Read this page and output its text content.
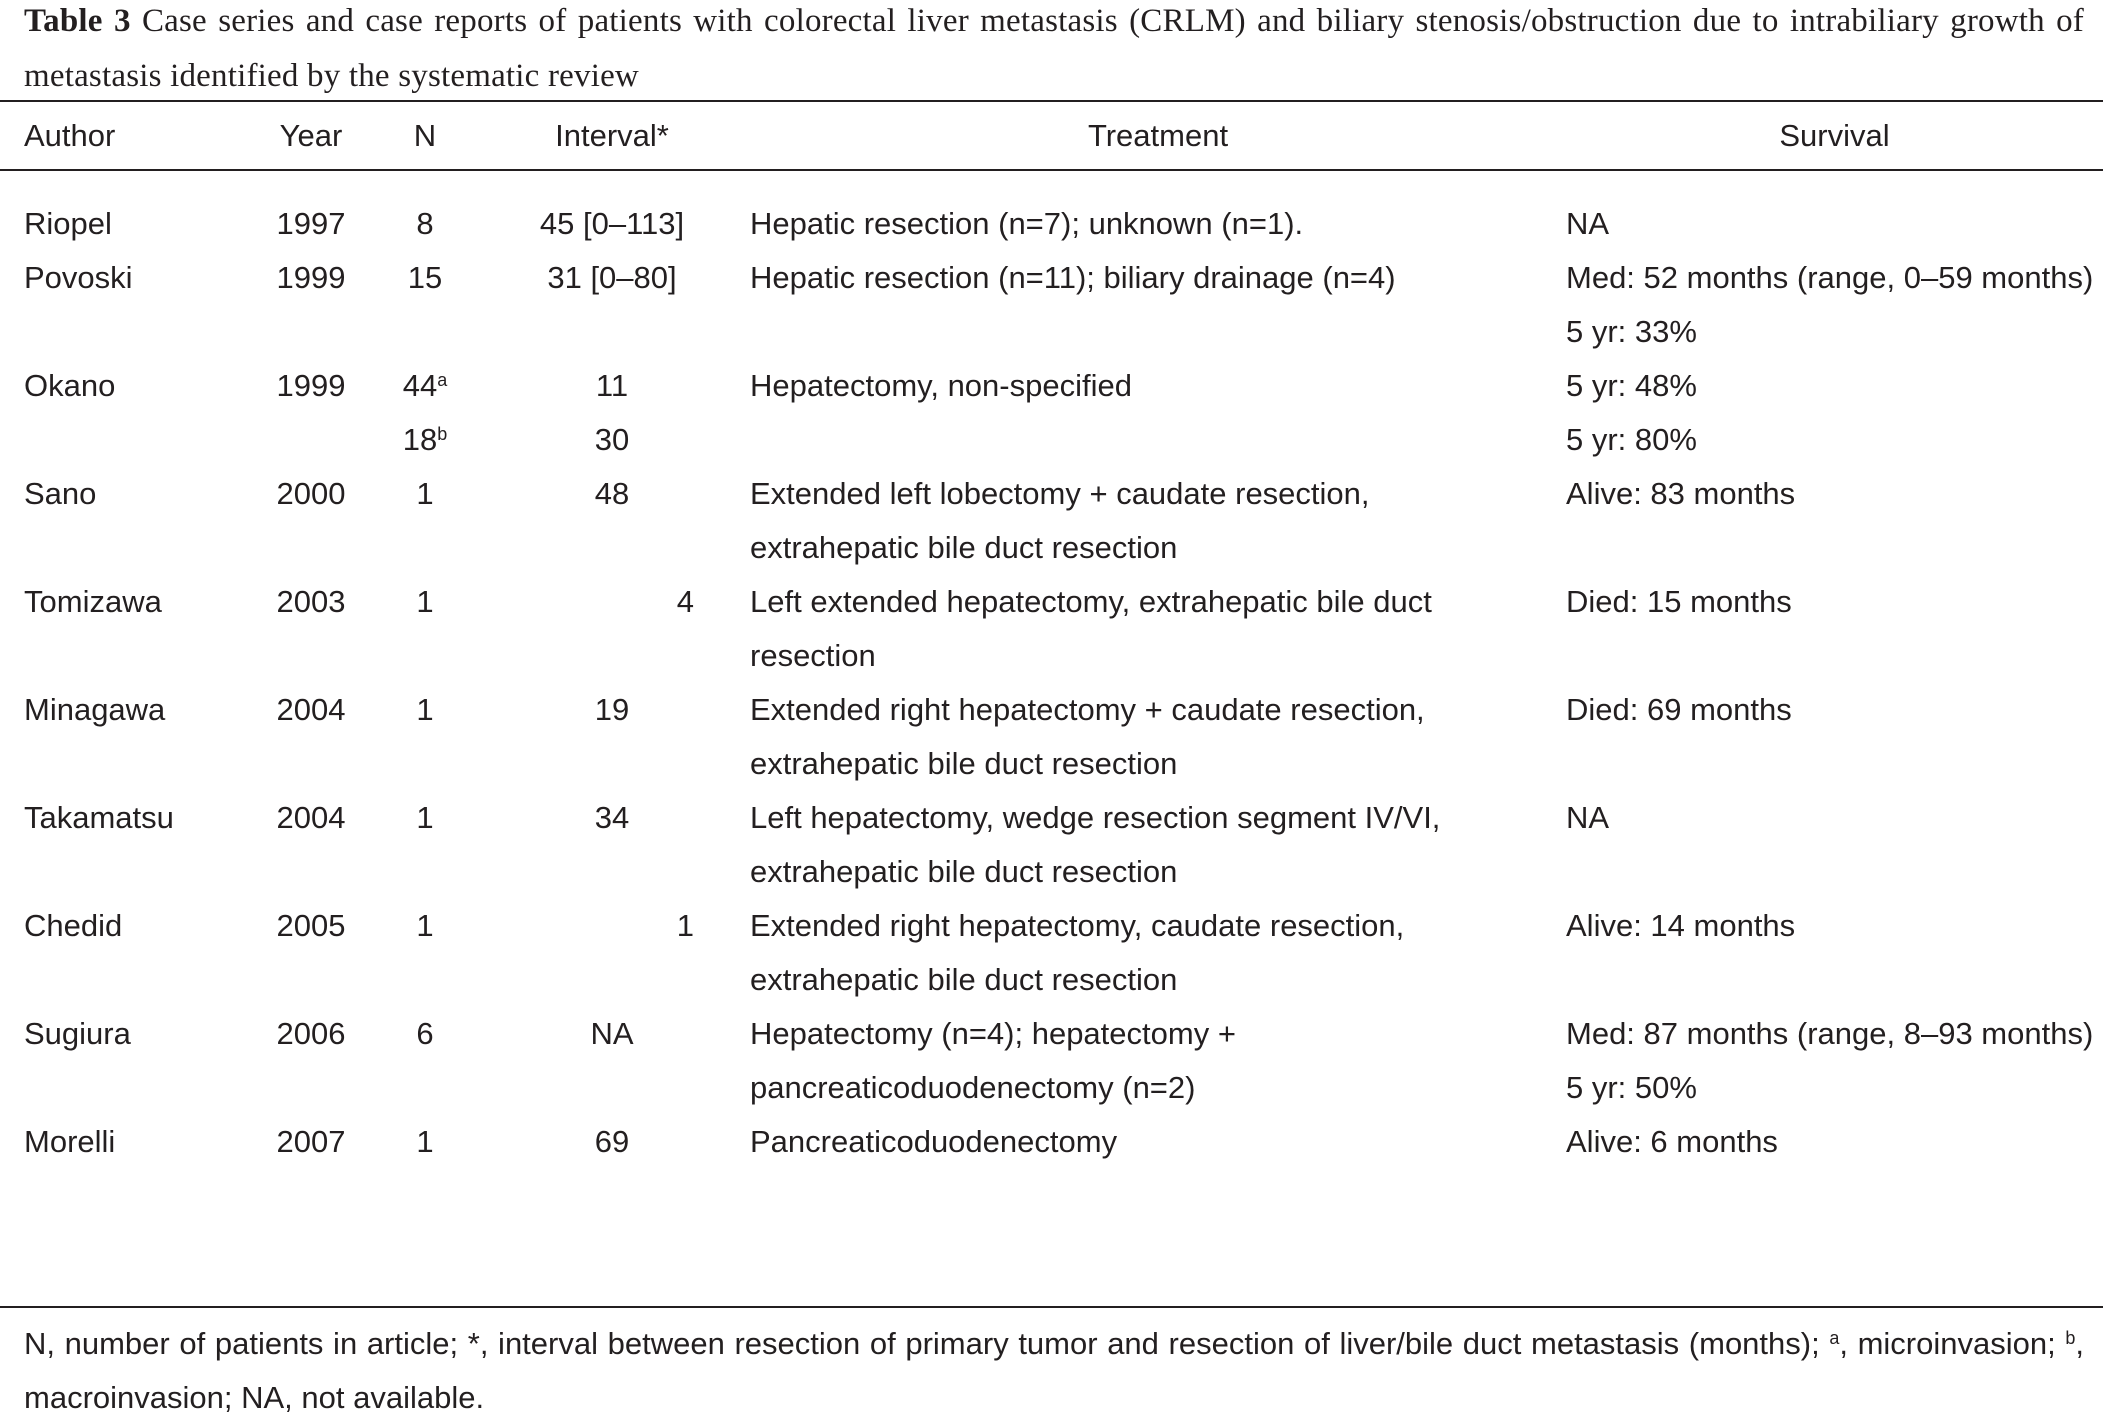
Table 3 Case series and case reports of patients with colorectal liver metastasis (CRLM) and biliary stenosis/obstruction due to intrabiliary growth of metastasis identified by the systematic review
Author	Year	N	Interval*	Treatment	Survival
Riopel	1997	8	45 [0–113]	Hepatic resection (n=7); unknown (n=1).	NA
Povoski	1999	15	31 [0–80]	Hepatic resection (n=11); biliary drainage (n=4)	Med: 52 months (range, 0–59 months)
5 yr: 33%

Okano	1999	44$^a$	11	Hepatectomy, non-specified	5 yr: 48%
		18$^b$	30		5 yr: 80%
Sano	2000	1	48	Extended left lobectomy + caudate resection,
extrahepatic bile duct resection	Alive: 83 months
Tomizawa	2003	1	4	Left extended hepatectomy, extrahepatic bile duct
resection	Died: 15 months
Minagawa	2004	1	19	Extended right hepatectomy + caudate resection,
extrahepatic bile duct resection	Died: 69 months
Takamatsu	2004	1	34	Left hepatectomy, wedge resection segment IV/VI,
extrahepatic bile duct resection	NA
Chedid	2005	1	1	Extended right hepatectomy, caudate resection,
extrahepatic bile duct resection	Alive: 14 months
Sugiura	2006	6	NA	Hepatectomy (n=4); hepatectomy +
pancreaticoduodenectomy (n=2)	Med: 87 months (range, 8–93 months)
5 yr: 50%

Morelli	2007	1	69	Pancreaticoduodenectomy	Alive: 6 months
N, number of patients in article; *, interval between resection of primary tumor and resection of liver/bile duct metastasis (months); $^a$, microinvasion; $^b$, macroinvasion; NA, not available.
